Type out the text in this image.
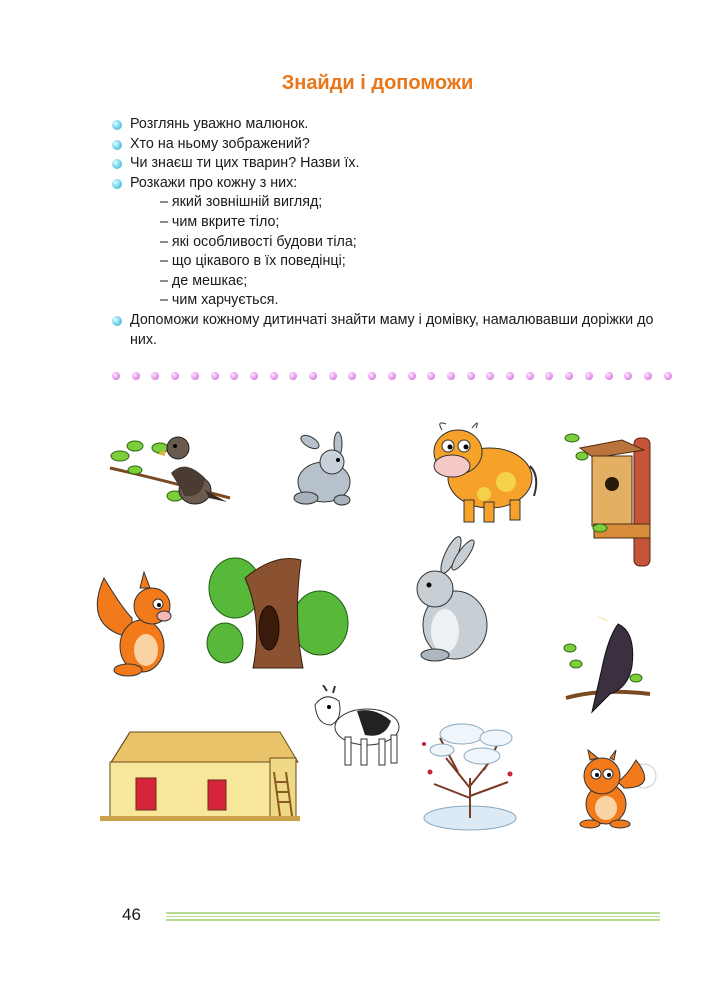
Знайди і допоможи
Розглянь уважно малюнок.
Хто на ньому зображений?
Чи знаєш ти цих тварин? Назви їх.
Розкажи про кожну з них:
– який зовнішній вигляд;
– чим вкрите тіло;
– які особливості будови тіла;
– що цікавого в їх поведінці;
– де мешкає;
– чим харчується.
Допоможи кожному дитинчаті знайти маму і домівку, намалювавши доріжки до них.
46
